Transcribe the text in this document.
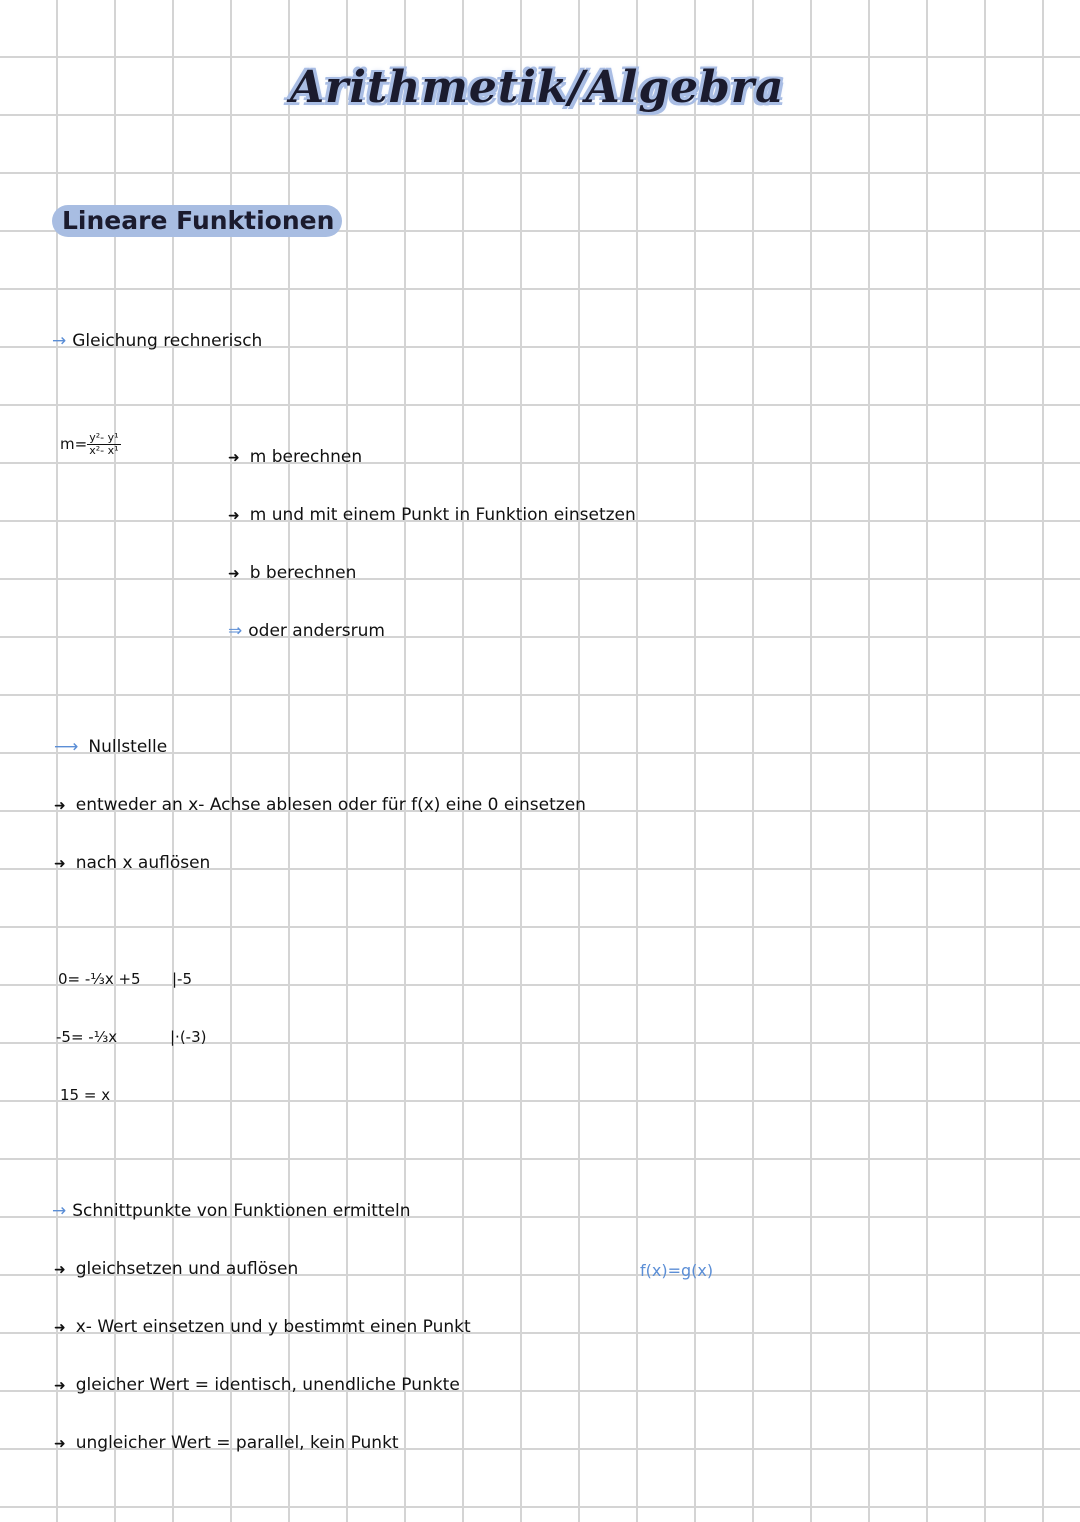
Arithmetik/Algebra
Lineare Funktionen
→ Gleichung rechnerisch
$m= \frac{\text{y²- y¹}}{\text{x²- x¹}}$
➜ m berechnen
➜ m und mit einem Punkt in Funktion einsetzen
➜ b berechnen
⇒ oder andersrum
⟶ Nullstelle
➜ entweder an x- Achse ablesen oder für f(x) eine 0 einsetzen
➜ nach x auflösen
0= -⅓x +5 |-5
-5= -⅓x	|·(-3)
15 = x
→ Schnittpunkte von Funktionen ermitteln
➜ gleichsetzen und auflösen	f(x)=g(x)
➜ x- Wert einsetzen und y bestimmt einen Punkt
➜ gleicher Wert = identisch, unendliche Punkte
➜ ungleicher Wert = parallel, kein Punkt
